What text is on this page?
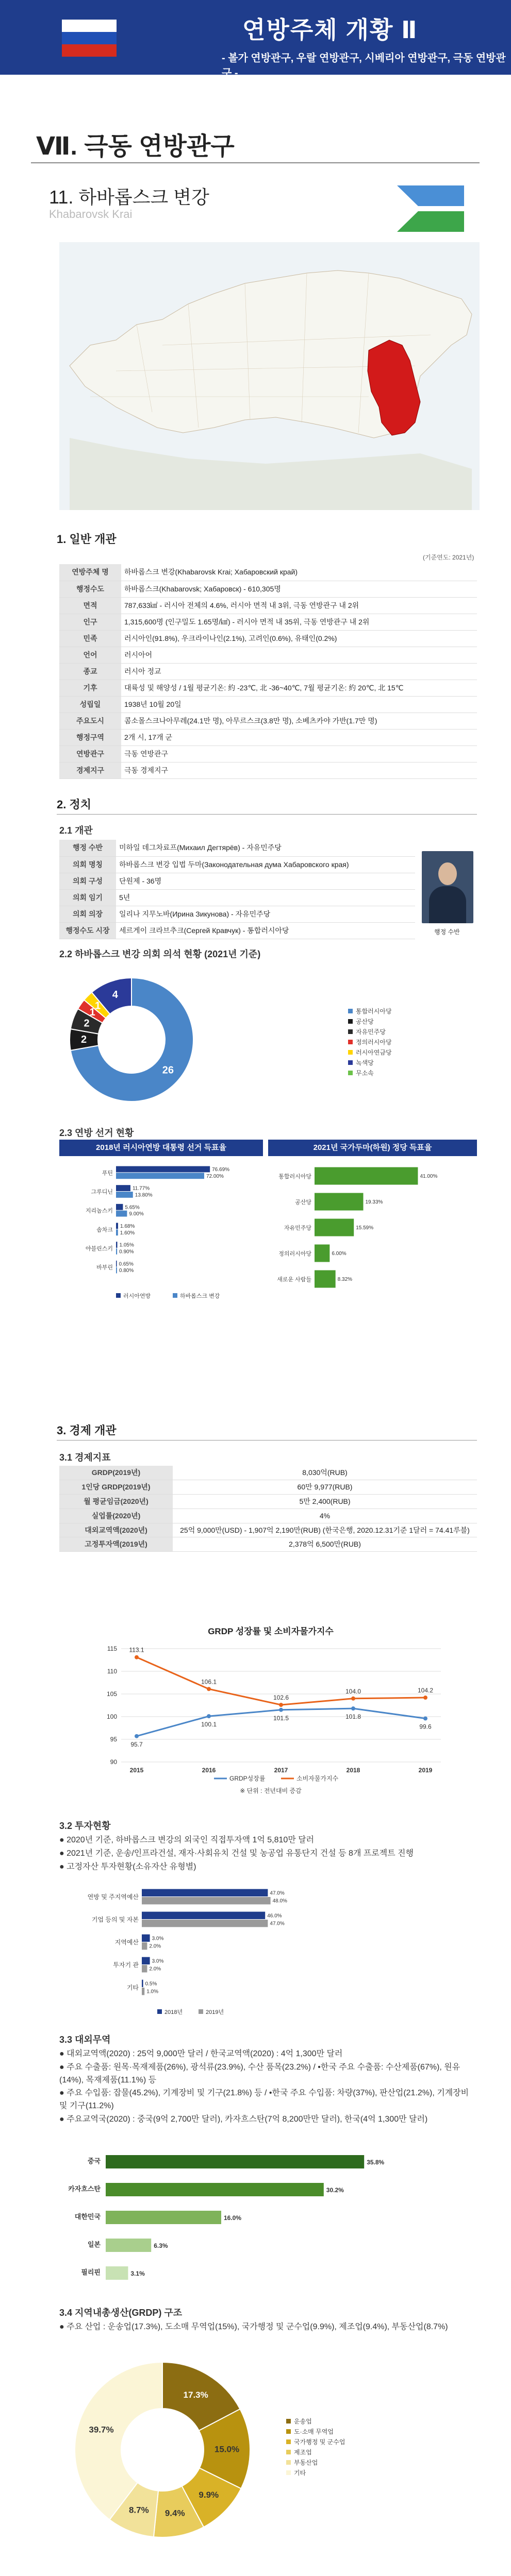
연방주체 개황 Ⅱ
- 볼가 연방관구, 우랄 연방관구, 시베리아 연방관구, 극동 연방관구 -
Ⅶ. 극동 연방관구
11. 하바롭스크 변강
Khabarovsk Krai
1. 일반 개관
(기준연도: 2021년)
연방주체 명	하바롭스크 변강(Khabarovsk Krai; Хабаровский край)
행정수도	하바롭스크(Khabarovsk; Хабаровск) - 610,305명
면적	787,633㎢ - 러시아 전체의 4.6%, 러시아 면적 내 3위, 극동 연방관구 내 2위
인구	1,315,600명 (인구밀도 1.65명/㎢) - 러시아 면적 내 35위, 극동 연방관구 내 2위
민족	러시아인(91.8%), 우크라이나인(2.1%), 고려인(0.6%), 유태인(0.2%)
언어	러시아어
종교	러시아 정교
기후	대륙성 및 해양성 / 1월 평균기온: 約 -23℃, 北 -36~40℃, 7월 평균기온: 約 20℃, 北 15℃
성립일	1938년 10월 20일
주요도시	콤소몰스크나아무레(24.1만 명), 아무르스크(3.8만 명), 소베츠카야 가반(1.7만 명)
행정구역	2개 시, 17개 군
연방관구	극동 연방관구
경제지구	극동 경제지구
2. 정치
2.1 개관
행정 수반	미하일 데그차료프(Михаил Дегтярёв) - 자유민주당
의회 명칭	하바롭스크 변강 입법 두마(Законодательная дума Хабаровского края)
의회 구성	단원제 - 36명
의회 임기	5년
의회 의장	일리나 지무노바(Ирина Зикунова) - 자유민주당
행정수도 시장	세르게이 크라브추크(Сергей Кравчук) - 통합러시아당	행정 수반
2.2 하바롭스크 변강 의회 의석 현황 (2021년 기준)
26
2
2
1
1
4
통합러시아당
공산당
자유민주당
정의러시아당
러시아연금당
녹색당
무소속
2.3 연방 선거 현황
2018년 러시아연방 대통령 선거 득표율	2021년 국가두마(하원) 정당 득표율
푸틴
76.69%
72.00%
그루디닌
11.77%
13.80%
지리놉스키
5.65%
9.00%
솝차크
1.68%
1.60%
야블린스키
1.05%
0.90%
바부린
0.65%
0.80%
러시아연방	하바롭스크 변강
통합러시아당	41.00%
공산당	19.33%
자유민주당	15.59%
정의러시아당	6.00%
새로운 사람들	8.32%
3. 경제 개관
3.1 경제지표
GRDP(2019년)	8,030억(RUB)
1인당 GRDP(2019년)	60만 9,977(RUB)
월 평균임금(2020년)	5만 2,400(RUB)
실업률(2020년)	4%
대외교역액(2020년)	25억 9,000만(USD) - 1,907억 2,190만(RUB) (한국은행, 2020.12.31기준 1달러 = 74.41루블)
고정투자액(2019년)	2,378억 6,500만(RUB)
GRDP 성장률 및 소비자물가지수
90
95
100
105
110
115
2015	2016	2017	2018	2019
95.7
100.1
101.5	101.8
99.6
113.1
106.1
102.6
104.0	104.2
GRDP성장률	소비자물가지수
※ 단위 : 전년대비 증감
3.2 투자현황

● 2020년 기준, 하바롭스크 변강의 외국인 직접투자액 1억 5,810만 달러

● 2021년 기준, 운송/인프라건설, 재자·사회유치 건설 및 농공업 유통단지 건설 등 8개 프로젝트 진행

● 고정자산 투자현황(소유자산 유형별)

연방 및 주지역예산
47.0%
48.0%
기업 등의 및 자본
46.0%
47.0%
지역예산
3.0%
2.0%
투자기 관
3.0%
2.0%
기타
0.5%
1.0%
2018년	2019년
3.3 대외무역

● 대외교역액(2020) : 25억 9,000만 달러 / 한국교역액(2020) : 4억 1,300만 달러

● 주요 수출품: 원목·목재제품(26%), 광석류(23.9%), 수산 품목(23.2%) / •한국 주요 수출품: 수산제품(67%), 원유(14%), 목재제품(11.1%) 등

● 주요 수입품: 잡물(45.2%), 기계장비 및 기구(21.8%) 등 / •한국 주요 수입품: 차량(37%), 판산업(21.2%), 기계장비 및 기구(11.2%)

● 주요교역국(2020) : 중국(9억 2,700만 달러), 카자흐스탄(7억 8,200만만 달러), 한국(4억 1,300만 달러)

중국	35.8%
카자흐스탄	30.2%
대한민국	16.0%
일본	6.3%
필리핀	3.1%
3.4 지역내총생산(GRDP) 구조

● 주요 산업 : 운송업(17.3%), 도소매 무역업(15%), 국가행정 및 군수업(9.9%), 제조업(9.4%), 부동산업(8.7%)

17.3%
15.0%
9.9%
9.4%
8.7%
39.7%
운송업
도·소매 무역업
국가행정 및 군수업
제조업
부동산업
기타
